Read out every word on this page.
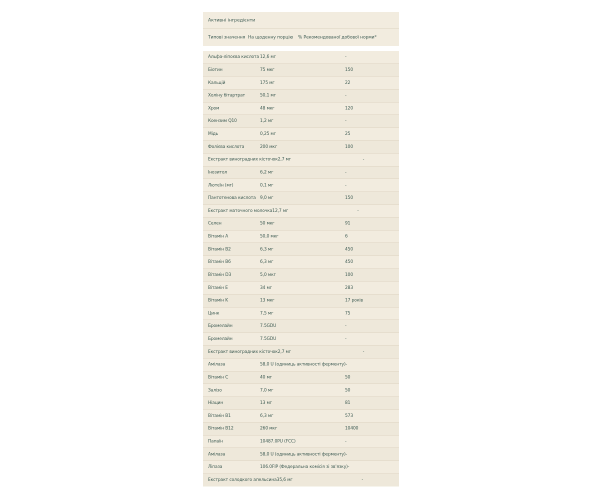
Активні інгредієнти
Типові значення На щоденну порцію % Рекомендованої добової норми*
Альфа-ліпоєва кислота 12,6 мг	-
Біотин	75 мкг	150
Кальцій	175 мг	22
Холіну бітартрат	50,1 мг	-
Хром	48 мкг	120
Коензим Q10	1,2 мг	-
Мідь	0,25 мг	25
Фолієва кислота	200 мкг	100
Екстракт виноградних кісточок 2,7 мг	-
Інозитол	6,2 мг	-
Лютеїн (мг)	0,1 мг	-
Пантотенова кислота 9,0 мг	150
Екстракт маточного молочка 12,7 мг	-
Селен	50 мкг	91
Вітамін A	50,0 мкг	6
Вітамін B2	6,3 мг	450
Вітамін B6	6,3 мг	450
Вітамін D3	5,0 мкг	100
Вітамін E	34 мг	283
Вітамін K	13 мкг	17 років
Цинк	7,5 мг	75
Бромелайн	7.5GDU	-
Бромелайн	7.5GDU	-
Екстракт виноградних кісточок 2,7 мг	-
Амілаза	58,0 U (одиниць активності ферменту) -
Вітамін C	40 мг	50
Залізо	7,0 мг	50
Ніацин	13 мг	81
Вітамін B1	6,3 мг	573
Вітамін B12	260 мкг	10400
Папаїн	10487.0PU (FCC)	-
Амілаза	58,0 U (одиниць активності ферменту) -
Ліпаза	106.0FIP (Федеральна комісія зі зв'язку) -
Екстракт солодкого апельсина 35,6 мг	-
